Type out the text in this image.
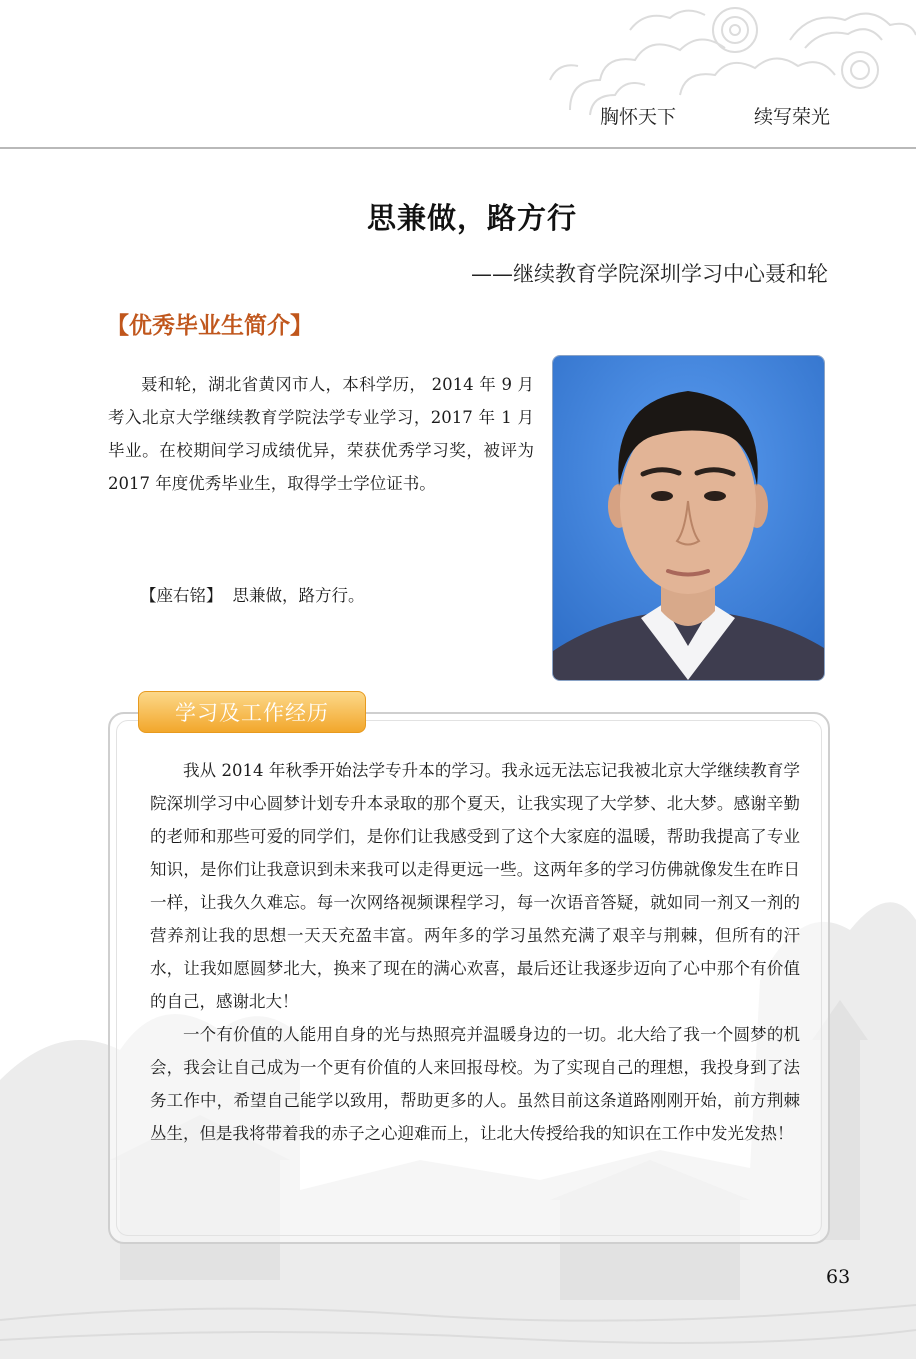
胸怀天下	续写荣光
思兼做，路方行
——继续教育学院深圳学习中心聂和轮
【优秀毕业生简介】

聂和轮，湖北省黄冈市人，本科学历， 2014 年 9 月考入北京大学继续教育学院法学专业学习，2017 年 1 月毕业。在校期间学习成绩优异，荣获优秀学习奖，被评为 2017 年度优秀毕业生，取得学士学位证书。

【座右铭】 思兼做，路方行。
学习及工作经历

我从 2014 年秋季开始法学专升本的学习。我永远无法忘记我被北京大学继续教育学院深圳学习中心圆梦计划专升本录取的那个夏天，让我实现了大学梦、北大梦。感谢辛勤的老师和那些可爱的同学们，是你们让我感受到了这个大家庭的温暖，帮助我提高了专业知识，是你们让我意识到未来我可以走得更远一些。这两年多的学习仿佛就像发生在昨日一样，让我久久难忘。每一次网络视频课程学习，每一次语音答疑，就如同一剂又一剂的营养剂让我的思想一天天充盈丰富。两年多的学习虽然充满了艰辛与荆棘，但所有的汗水，让我如愿圆梦北大，换来了现在的满心欢喜，最后还让我逐步迈向了心中那个有价值的自己，感谢北大！

一个有价值的人能用自身的光与热照亮并温暖身边的一切。北大给了我一个圆梦的机会，我会让自己成为一个更有价值的人来回报母校。为了实现自己的理想，我投身到了法务工作中，希望自己能学以致用，帮助更多的人。虽然目前这条道路刚刚开始，前方荆棘丛生，但是我将带着我的赤子之心迎难而上，让北大传授给我的知识在工作中发光发热！

63
